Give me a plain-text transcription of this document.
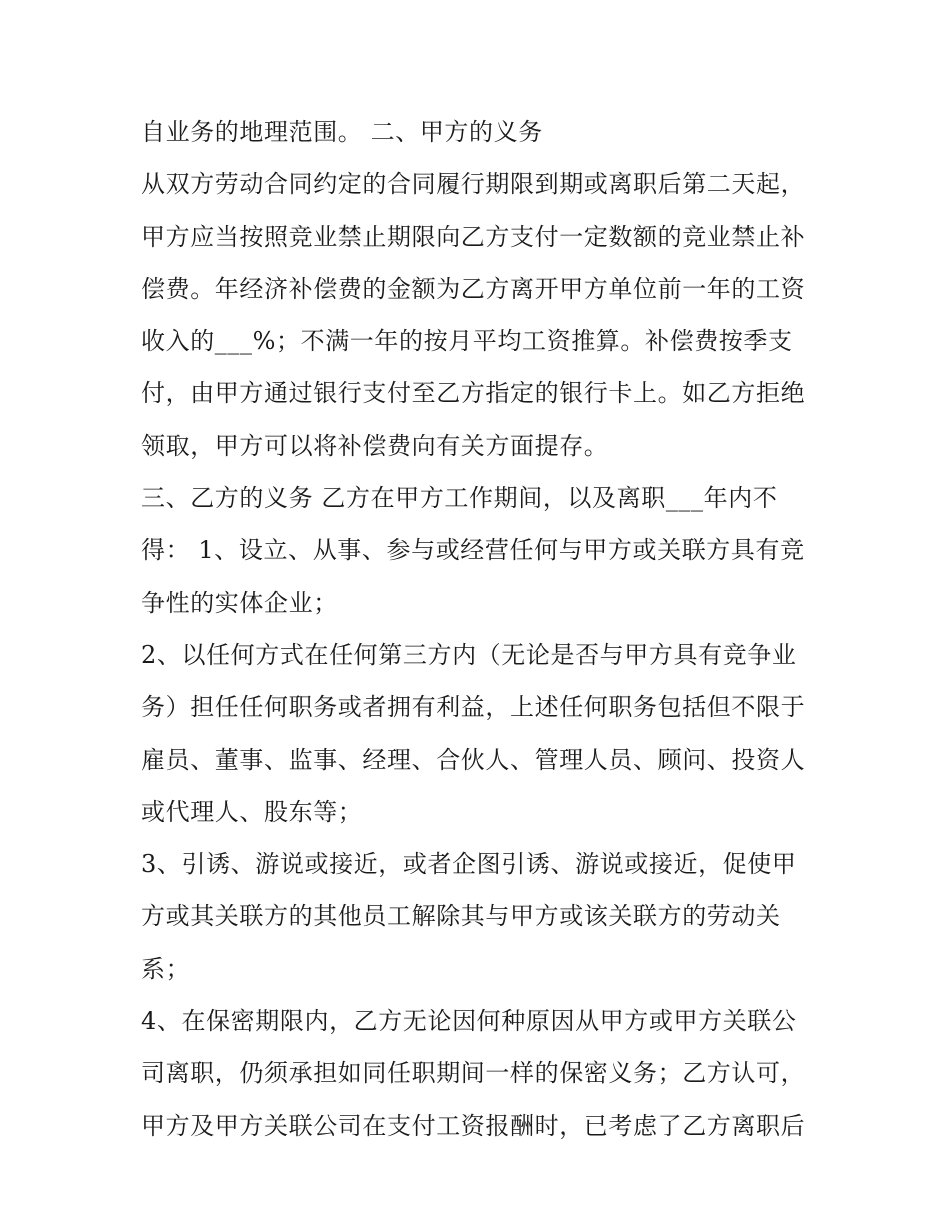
自业务的地理范围。 二、甲方的义务
从双方劳动合同约定的合同履行期限到期或离职后第二天起，
甲方应当按照竞业禁止期限向乙方支付一定数额的竞业禁止补
偿费。年经济补偿费的金额为乙方离开甲方单位前一年的工资
收入的___%；不满一年的按月平均工资推算。补偿费按季支
付，由甲方通过银行支付至乙方指定的银行卡上。如乙方拒绝
领取，甲方可以将补偿费向有关方面提存。
三、乙方的义务 乙方在甲方工作期间，以及离职___年内不
得： 1、设立、从事、参与或经营任何与甲方或关联方具有竞
争性的实体企业；
2、以任何方式在任何第三方内（无论是否与甲方具有竞争业
务）担任任何职务或者拥有利益，上述任何职务包括但不限于
雇员、董事、监事、经理、合伙人、管理人员、顾问、投资人
或代理人、股东等；
3、引诱、游说或接近，或者企图引诱、游说或接近，促使甲
方或其关联方的其他员工解除其与甲方或该关联方的劳动关
系；
4、在保密期限内，乙方无论因何种原因从甲方或甲方关联公
司离职，仍须承担如同任职期间一样的保密义务；乙方认可，
甲方及甲方关联公司在支付工资报酬时，已考虑了乙方离职后
